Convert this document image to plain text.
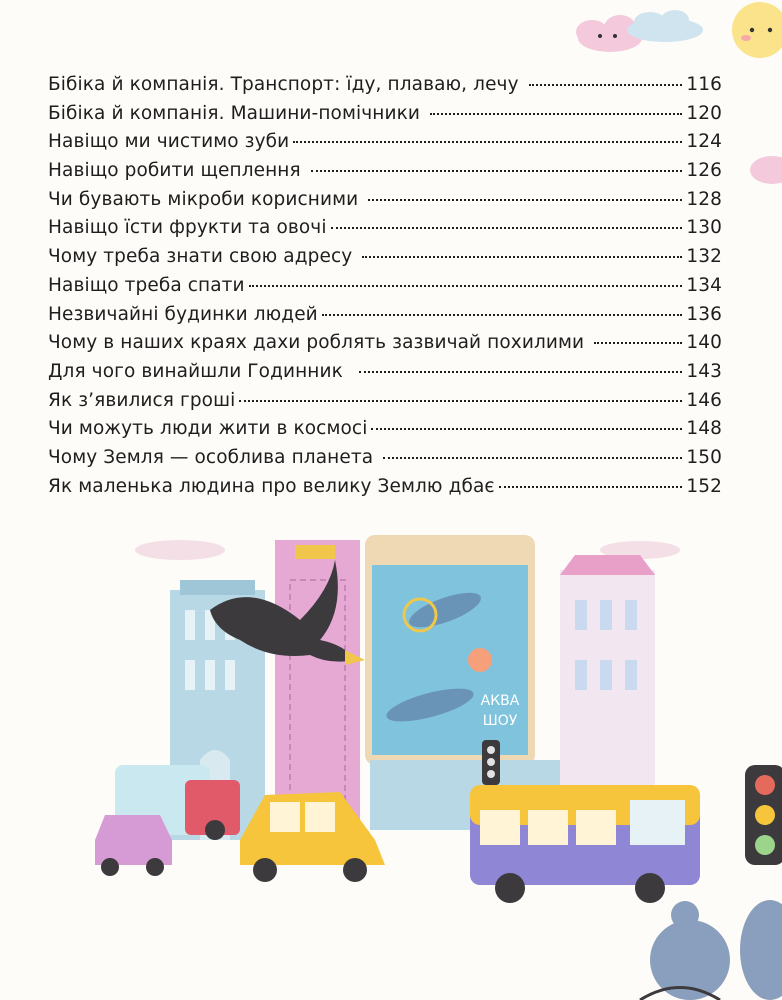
Бібіка й компанія. Транспорт: їду, плаваю, лечу	116
Бібіка й компанія. Машини-помічники	120
Навіщо ми чистимо зуби	124
Навіщо робити щеплення	126
Чи бувають мікроби корисними	128
Навіщо їсти фрукти та овочі	130
Чому треба знати свою адресу	132
Навіщо треба спати	134
Незвичайні будинки людей	136
Чому в наших краях дахи роблять зазвичай похилими	140
Для чого винайшли Годинник	143
Як з’явилися гроші	146
Чи можуть люди жити в космосі	148
Чому Земля — особлива планета	150
Як маленька людина про велику Землю дбає	152
АКВА
ШОУ
